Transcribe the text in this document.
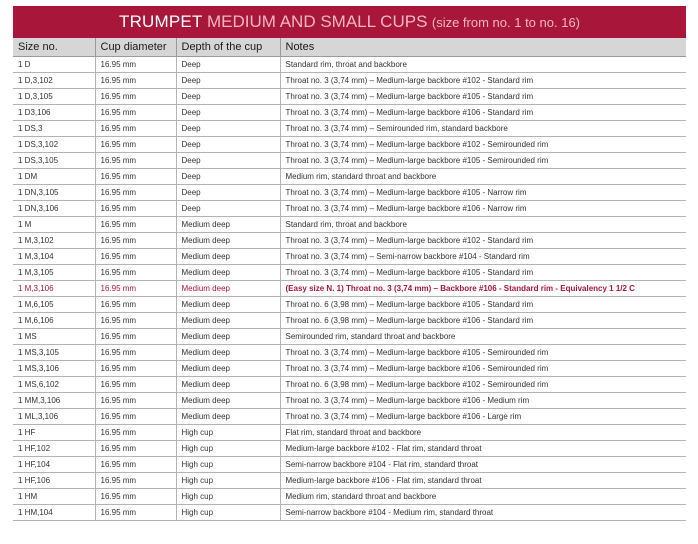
TRUMPET MEDIUM AND SMALL CUPS (size from no. 1 to no. 16)
Size no.	Cup diameter	Depth of the cup	Notes
1 D	16.95 mm	Deep	Standard rim, throat and backbore
1 D,3,102	16.95 mm	Deep	Throat no. 3 (3,74 mm) – Medium-large backbore #102 - Standard rim
1 D,3,105	16.95 mm	Deep	Throat no. 3 (3,74 mm) – Medium-large backbore #105 - Standard rim
1 D3,106	16.95 mm	Deep	Throat no. 3 (3,74 mm) – Medium-large backbore #106 - Standard rim
1 DS,3	16.95 mm	Deep	Throat no. 3 (3,74 mm) – Semirounded rim, standard backbore
1 DS,3,102	16.95 mm	Deep	Throat no. 3 (3,74 mm) – Medium-large backbore #102 - Semirounded rim
1 DS,3,105	16.95 mm	Deep	Throat no. 3 (3,74 mm) – Medium-large backbore #105 - Semirounded rim
1 DM	16.95 mm	Deep	Medium rim, standard throat and backbore
1 DN,3,105	16.95 mm	Deep	Throat no. 3 (3,74 mm) – Medium-large backbore #105 - Narrow rim
1 DN,3,106	16.95 mm	Deep	Throat no. 3 (3,74 mm) – Medium-large backbore #106 - Narrow rim
1 M	16.95 mm	Medium deep	Standard rim, throat and backbore
1 M,3,102	16.95 mm	Medium deep	Throat no. 3 (3,74 mm) – Medium-large backbore #102 - Standard rim
1 M,3,104	16.95 mm	Medium deep	Throat no. 3 (3,74 mm) – Semi-narrow backbore #104 - Standard rim
1 M,3,105	16.95 mm	Medium deep	Throat no. 3 (3,74 mm) – Medium-large backbore #105 - Standard rim
1 M,3,106	16.95 mm	Medium deep	(Easy size N. 1) Throat no. 3 (3,74 mm) – Backbore #106 - Standard rim - Equivalency 1 1/2 C
1 M,6,105	16.95 mm	Medium deep	Throat no. 6 (3,98 mm) – Medium-large backbore #105 - Standard rim
1 M,6,106	16.95 mm	Medium deep	Throat no. 6 (3,98 mm) – Medium-large backbore #106 - Standard rim
1 MS	16.95 mm	Medium deep	Semirounded rim, standard throat and backbore
1 MS,3,105	16.95 mm	Medium deep	Throat no. 3 (3,74 mm) – Medium-large backbore #105 - Semirounded rim
1 MS,3,106	16.95 mm	Medium deep	Throat no. 3 (3,74 mm) – Medium-large backbore #106 - Semirounded rim
1 MS,6,102	16.95 mm	Medium deep	Throat no. 6 (3,98 mm) – Medium-large backbore #102 - Semirounded rim
1 MM,3,106	16.95 mm	Medium deep	Throat no. 3 (3,74 mm) – Medium-large backbore #106 - Medium rim
1 ML,3,106	16.95 mm	Medium deep	Throat no. 3 (3,74 mm) – Medium-large backbore #106 - Large rim
1 HF	16.95 mm	High cup	Flat rim, standard throat and backbore
1 HF,102	16.95 mm	High cup	Medium-large backbore #102 - Flat rim, standard throat
1 HF,104	16.95 mm	High cup	Semi-narrow backbore #104 - Flat rim, standard throat
1 HF,106	16.95 mm	High cup	Medium-large backbore #106 - Flat rim, standard throat
1 HM	16.95 mm	High cup	Medium rim, standard throat and backbore
1 HM,104	16.95 mm	High cup	Semi-narrow backbore #104 - Medium rim, standard throat
